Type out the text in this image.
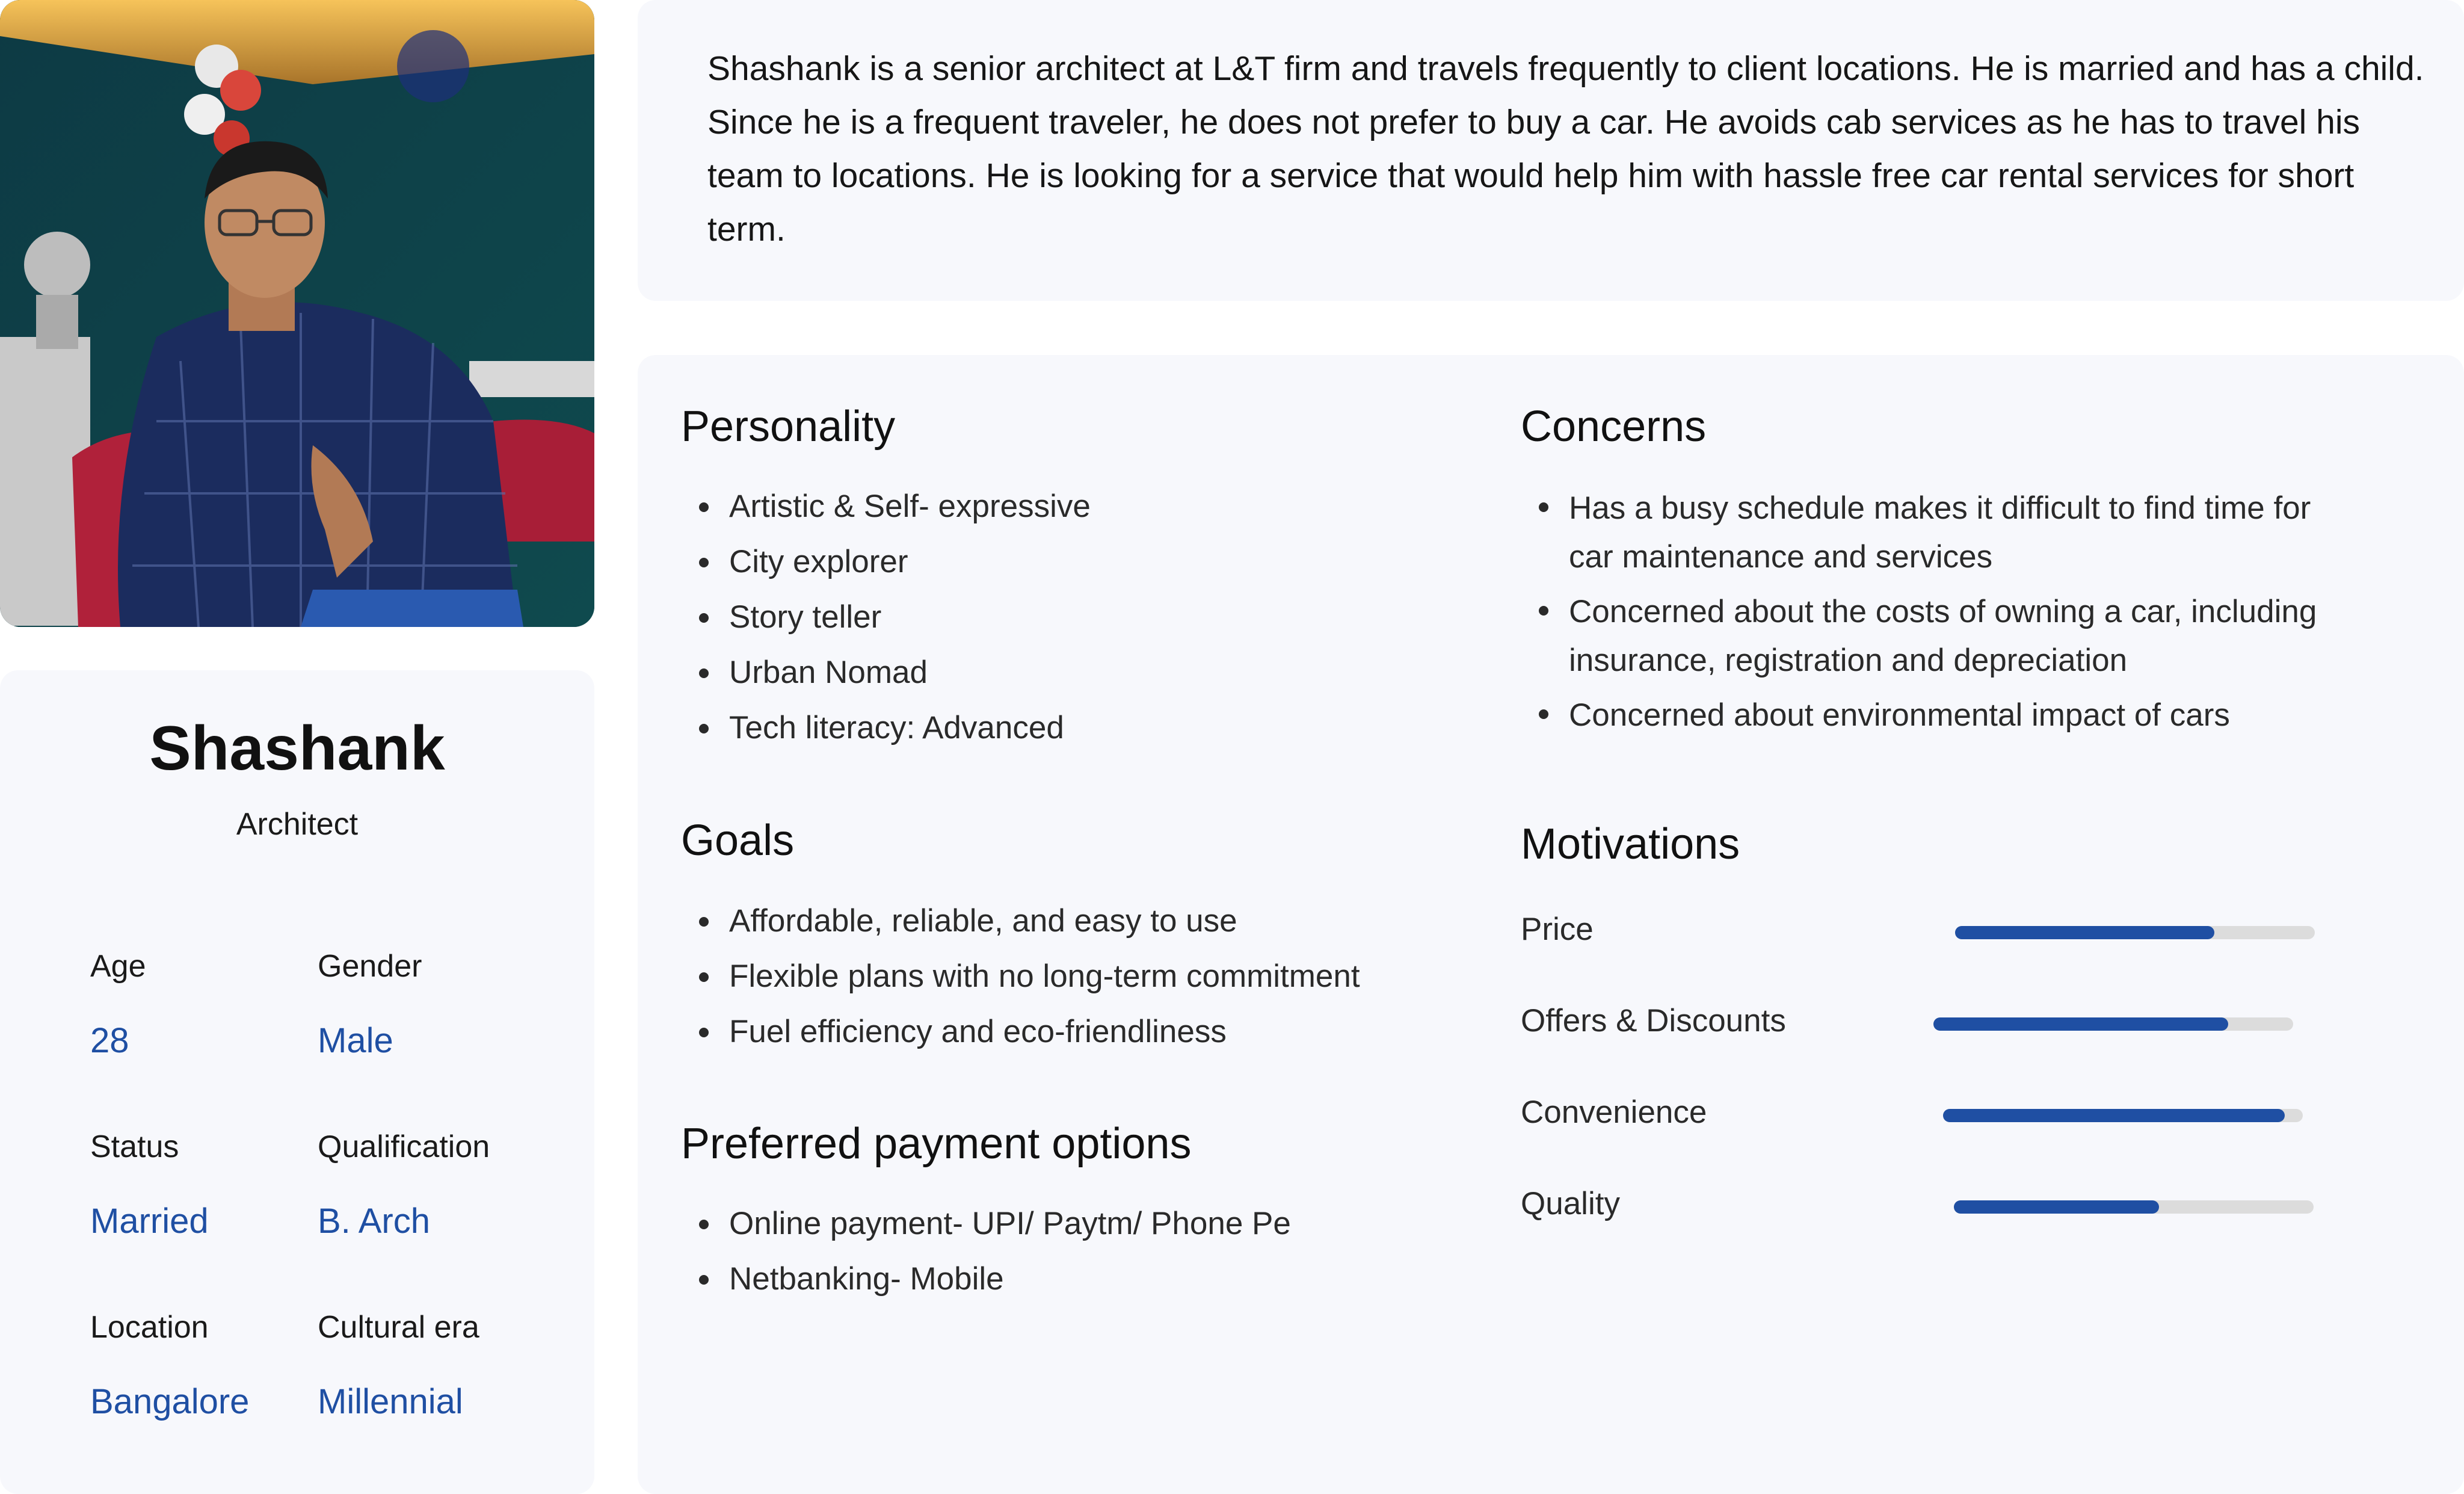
Shashank
Architect
Age
28
Gender
Male
Status
Married
Qualification
B. Arch
Location
Bangalore
Cultural era
Millennial
Shashank is a senior architect at L&T firm and travels frequently to client locations. He is married and has a child. Since he is a frequent traveler, he does not prefer to buy a car. He avoids cab services as he has to travel his team to locations. He is looking for a service that would help him with hassle free car rental services for short term.
Personality
Artistic & Self- expressive
City explorer
Story teller
Urban Nomad
Tech literacy: Advanced
Goals
Affordable, reliable, and easy to use
Flexible plans with no long-term commitment
Fuel efficiency and eco-friendliness
Preferred payment options
Online payment- UPI/ Paytm/ Phone Pe
Netbanking- Mobile
Concerns
Has a busy schedule makes it difficult to find time for car maintenance and services
Concerned about the costs of owning a car, including insurance, registration and depreciation
Concerned about environmental impact of cars
Motivations
Price
Offers & Discounts
Convenience
Quality
